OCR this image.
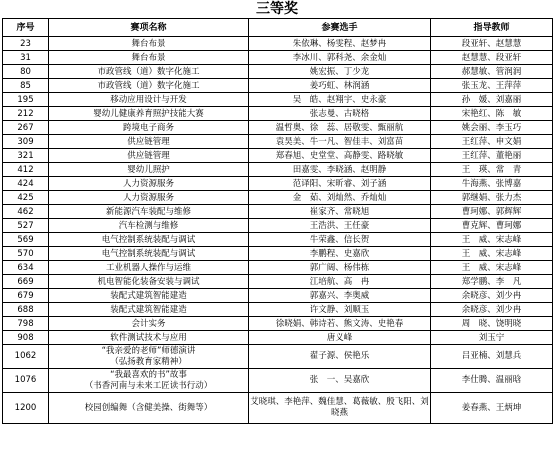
三等奖
序号	赛项名称	参赛选手	指导教师
23	舞台布景	朱依琳、杨雯程、赵梦冉	段亚轩、赵慧慧
31	舞台布景	李冰川、郭科尧、余金灿	赵慧慧、段亚轩
80	市政管线（道）数字化施工	姚宏振、丁少龙	郝慧敏、管润润
85	市政管线（道）数字化施工	姜巧虹、林润涵	张玉龙、王萍萍
195	移动应用设计与开发	吴　皓、赵翔宇、史永豪	孙　媛、刘嘉丽
212	婴幼儿健康养育照护技能大赛	张志曼、古晓格	宋艳红、陈　敏
267	跨境电子商务	温哲奥、徐　蕊、居敬雯、甄丽航	姚会丽、李玉巧
309	供应链管理	袁昊美、牛一凡、智佳丰、刘富苗	王红萍、申文娟
321	供应链管理	郑春旭、史堂堂、高静雯、路晓敏	王红萍、董艳丽
412	婴幼儿照护	田嘉雯、李晓涵、赵明静	王　瑛、常　青
424	人力资源服务	范译阳、宋昕睿、刘子涵	牛海燕、张博嘉
425	人力资源服务	金　茹、刘灿然、乔灿灿	郭继娟、张力杰
462	新能源汽车装配与维修	崔家齐、常晓旭	曹珂娜、郭辉辉
527	汽车检测与维修	王浩洪、王任豪	曹克辉、曹珂娜
569	电气控制系统装配与调试	牛荣鑫、信长贺	王　威、宋志峰
570	电气控制系统装配与调试	李鹏程、史嘉欣	王　威、宋志峰
634	工业机器人操作与运维	郭广阔、杨伟栋	王　威、宋志峰
669	机电智能化装备安装与调试	江培航、高　冉	郑学鹏、李　凡
679	装配式建筑智能建造	郭嘉兴、李奥威	余晓彦、刘少冉
688	装配式建筑智能建造	许文静、刘顺玉	余晓彦、刘少冉
798	会计实务	徐晓娟、韩诗若、熊文涛、史艳春	周　晓、饶明晓
908	软件测试技术与应用	唐义峰	刘玉宁
1062	“我亲爱的老师”师德演讲
（弘扬教育家精神）	翟子源、侯艳乐	吕亚楠、刘慧兵
1076	“我最喜欢的书”故事
（书香河南与未来工匠读书行动）	张　一、吴嘉欣	李仕腾、温丽晗
1200	校园创编舞（含健美操、街舞等）	艾晓琪、李艳萍、魏佳慧、葛薇敏、殷飞阳、刘晓燕	姜春燕、王炳坤
